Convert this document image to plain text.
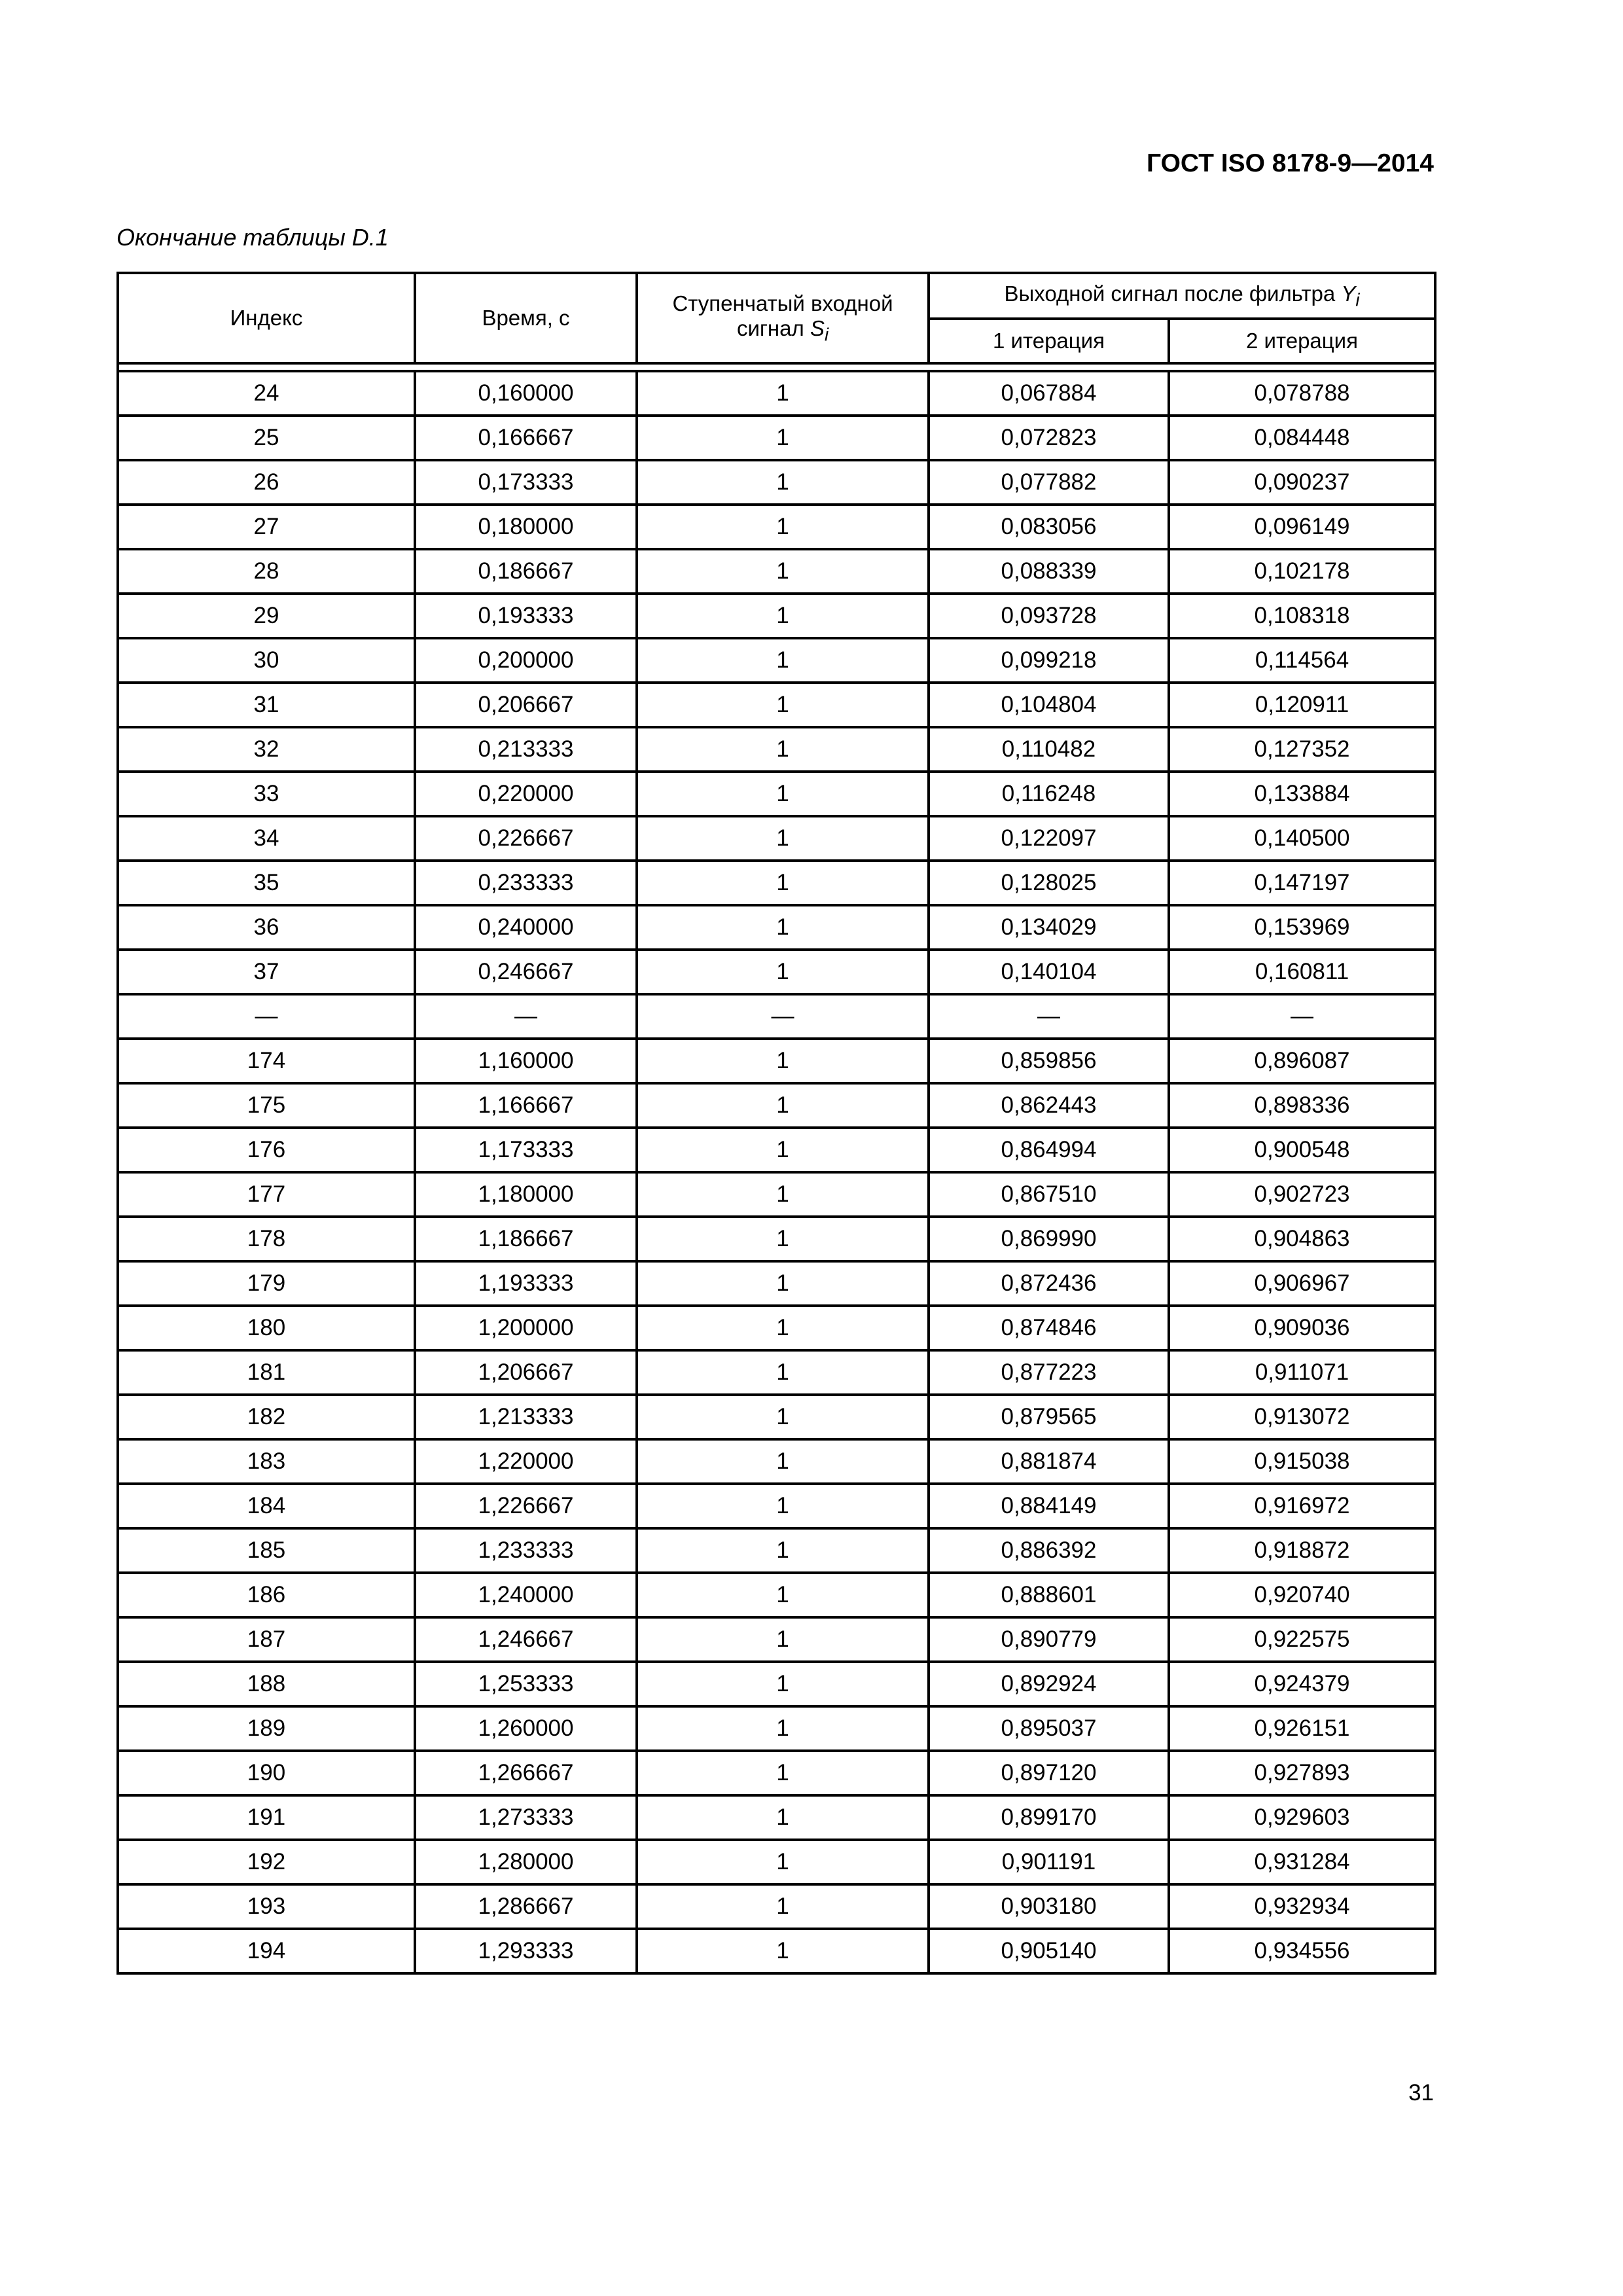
ГОСТ ISO 8178-9—2014

Окончание таблицы D.1

Индекс	Время, с	Ступенчатый входной сигнал $S_i$	Выходной сигнал после фильтра $Y_i$
			1 итерация	2 итерация

24	0,160000	1	0,067884	0,078788
25	0,166667	1	0,072823	0,084448
26	0,173333	1	0,077882	0,090237
27	0,180000	1	0,083056	0,096149
28	0,186667	1	0,088339	0,102178
29	0,193333	1	0,093728	0,108318
30	0,200000	1	0,099218	0,114564
31	0,206667	1	0,104804	0,120911
32	0,213333	1	0,110482	0,127352
33	0,220000	1	0,116248	0,133884
34	0,226667	1	0,122097	0,140500
35	0,233333	1	0,128025	0,147197
36	0,240000	1	0,134029	0,153969
37	0,246667	1	0,140104	0,160811
—	—	—	—	—
174	1,160000	1	0,859856	0,896087
175	1,166667	1	0,862443	0,898336
176	1,173333	1	0,864994	0,900548
177	1,180000	1	0,867510	0,902723
178	1,186667	1	0,869990	0,904863
179	1,193333	1	0,872436	0,906967
180	1,200000	1	0,874846	0,909036
181	1,206667	1	0,877223	0,911071
182	1,213333	1	0,879565	0,913072
183	1,220000	1	0,881874	0,915038
184	1,226667	1	0,884149	0,916972
185	1,233333	1	0,886392	0,918872
186	1,240000	1	0,888601	0,920740
187	1,246667	1	0,890779	0,922575
188	1,253333	1	0,892924	0,924379
189	1,260000	1	0,895037	0,926151
190	1,266667	1	0,897120	0,927893
191	1,273333	1	0,899170	0,929603
192	1,280000	1	0,901191	0,931284
193	1,286667	1	0,903180	0,932934
194	1,293333	1	0,905140	0,934556

31
